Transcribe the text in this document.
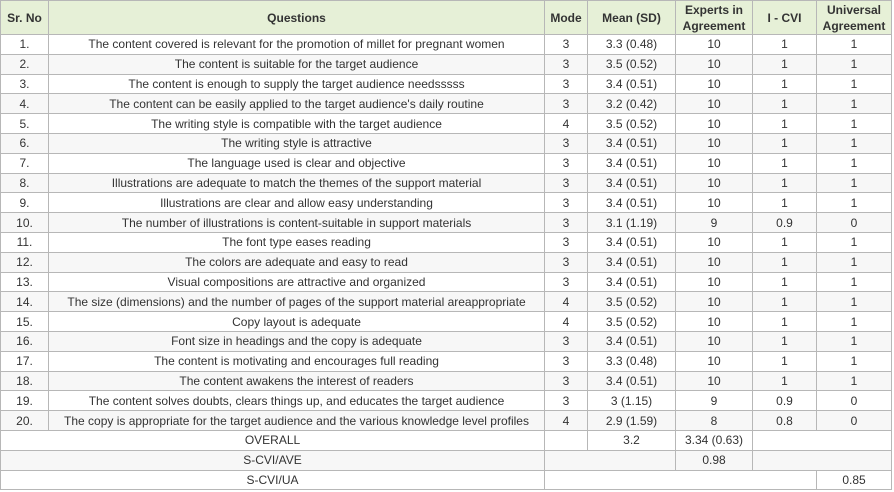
Sr. No	Questions	Mode	Mean (SD)	Experts in Agreement	I - CVI	Universal Agreement
1.	The content covered is relevant for the promotion of millet for pregnant women	3	3.3 (0.48)	10	1	1
2.	The content is suitable for the target audience	3	3.5 (0.52)	10	1	1
3.	The content is enough to supply the target audience needsssss	3	3.4 (0.51)	10	1	1
4.	The content can be easily applied to the target audience's daily routine	3	3.2 (0.42)	10	1	1
5.	The writing style is compatible with the target audience	4	3.5 (0.52)	10	1	1
6.	The writing style is attractive	3	3.4 (0.51)	10	1	1
7.	The language used is clear and objective	3	3.4 (0.51)	10	1	1
8.	Illustrations are adequate to match the themes of the support material	3	3.4 (0.51)	10	1	1
9.	Illustrations are clear and allow easy understanding	3	3.4 (0.51)	10	1	1
10.	The number of illustrations is content-suitable in support materials	3	3.1 (1.19)	9	0.9	0
11.	The font type eases reading	3	3.4 (0.51)	10	1	1
12.	The colors are adequate and easy to read	3	3.4 (0.51)	10	1	1
13.	Visual compositions are attractive and organized	3	3.4 (0.51)	10	1	1
14.	The size (dimensions) and the number of pages of the support material areappropriate	4	3.5 (0.52)	10	1	1
15.	Copy layout is adequate	4	3.5 (0.52)	10	1	1
16.	Font size in headings and the copy is adequate	3	3.4 (0.51)	10	1	1
17.	The content is motivating and encourages full reading	3	3.3 (0.48)	10	1	1
18.	The content awakens the interest of readers	3	3.4 (0.51)	10	1	1
19.	The content solves doubts, clears things up, and educates the target audience	3	3 (1.15)	9	0.9	0
20.	The copy is appropriate for the target audience and the various knowledge level profiles	4	2.9 (1.59)	8	0.8	0
OVERALL			3.2	3.34 (0.63)		
S-CVI/AVE				0.98		
S-CVI/UA						0.85
